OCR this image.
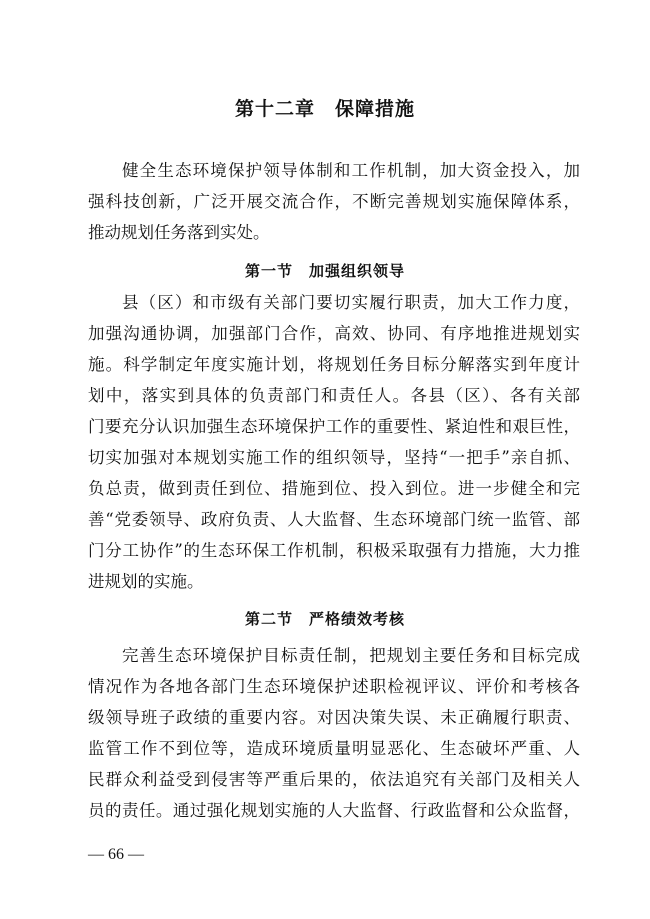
第十二章　保障措施
健全生态环境保护领导体制和工作机制，加大资金投入，加
强科技创新，广泛开展交流合作，不断完善规划实施保障体系，
推动规划任务落到实处。
第一节　加强组织领导
县（区）和市级有关部门要切实履行职责，加大工作力度，
加强沟通协调，加强部门合作，高效、协同、有序地推进规划实
施。科学制定年度实施计划，将规划任务目标分解落实到年度计
划中，落实到具体的负责部门和责任人。各县（区）、各有关部
门要充分认识加强生态环境保护工作的重要性、紧迫性和艰巨性，
切实加强对本规划实施工作的组织领导，坚持“一把手”亲自抓、
负总责，做到责任到位、措施到位、投入到位。进一步健全和完
善“党委领导、政府负责、人大监督、生态环境部门统一监管、部
门分工协作”的生态环保工作机制，积极采取强有力措施，大力推
进规划的实施。
第二节　严格绩效考核
完善生态环境保护目标责任制，把规划主要任务和目标完成
情况作为各地各部门生态环境保护述职检视评议、评价和考核各
级领导班子政绩的重要内容。对因决策失误、未正确履行职责、
监管工作不到位等，造成环境质量明显恶化、生态破坏严重、人
民群众利益受到侵害等严重后果的，依法追究有关部门及相关人
员的责任。通过强化规划实施的人大监督、行政监督和公众监督，
— 66 —
